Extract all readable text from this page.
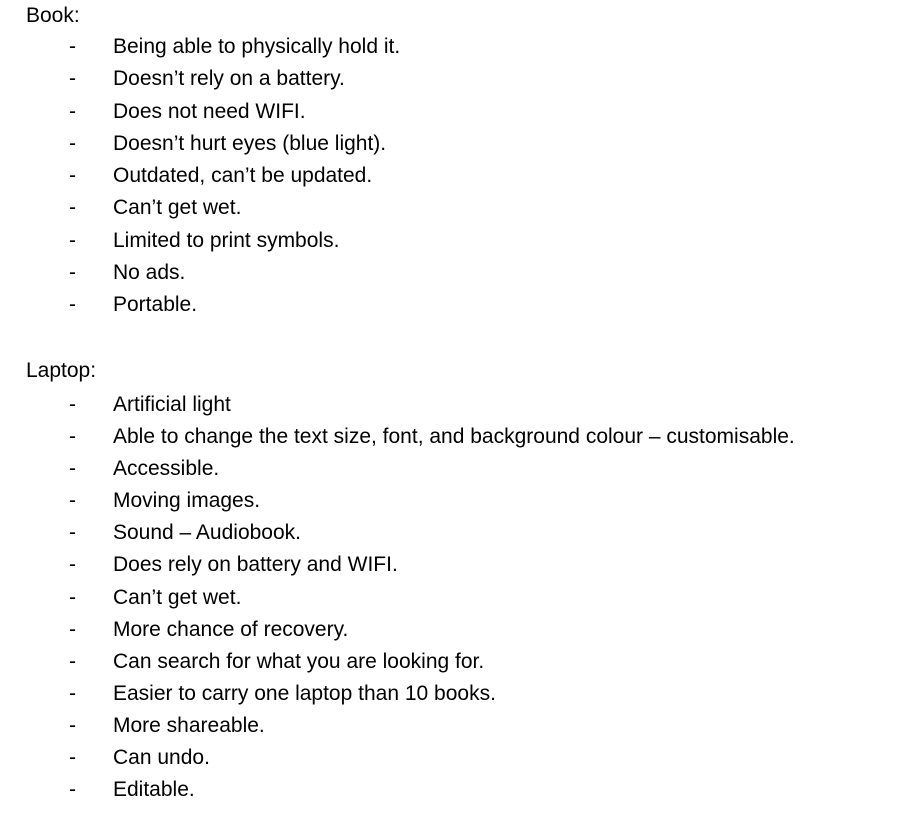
Book:
- Being able to physically hold it.
- Doesn’t rely on a battery.
- Does not need WIFI.
- Doesn’t hurt eyes (blue light).
- Outdated, can’t be updated.
- Can’t get wet.
- Limited to print symbols.
- No ads.
- Portable.
Laptop:
- Artificial light
- Able to change the text size, font, and background colour – customisable.
- Accessible.
- Moving images.
- Sound – Audiobook.
- Does rely on battery and WIFI.
- Can’t get wet.
- More chance of recovery.
- Can search for what you are looking for.
- Easier to carry one laptop than 10 books.
- More shareable.
- Can undo.
- Editable.
